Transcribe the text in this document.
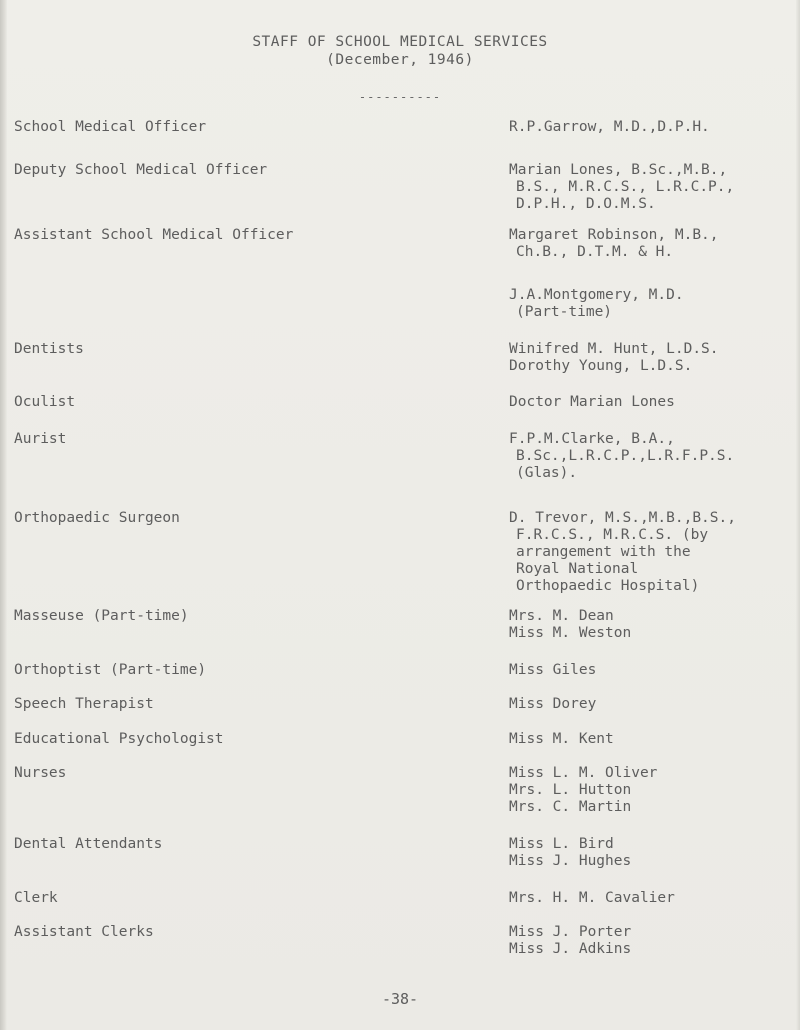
STAFF OF SCHOOL MEDICAL SERVICES
(December, 1946)
----------
School Medical Officer	R.P.Garrow, M.D.,D.P.H.
Deputy School Medical Officer	Marian Lones, B.Sc.,M.B.,
B.S., M.R.C.S., L.R.C.P.,
D.P.H., D.O.M.S.
Assistant School Medical Officer	Margaret Robinson, M.B.,
Ch.B., D.T.M. & H.
J.A.Montgomery, M.D.
(Part-time)
Dentists	Winifred M. Hunt, L.D.S.
Dorothy Young, L.D.S.
Oculist	Doctor Marian Lones
Aurist	F.P.M.Clarke, B.A.,
B.Sc.,L.R.C.P.,L.R.F.P.S.
(Glas).
Orthopaedic Surgeon	D. Trevor, M.S.,M.B.,B.S.,
F.R.C.S., M.R.C.S. (by
arrangement with the
Royal National
Orthopaedic Hospital)
Masseuse (Part-time)	Mrs. M. Dean
Miss M. Weston
Orthoptist (Part-time)	Miss Giles
Speech Therapist	Miss Dorey
Educational Psychologist	Miss M. Kent
Nurses	Miss L. M. Oliver
Mrs. L. Hutton
Mrs. C. Martin
Dental Attendants	Miss L. Bird
Miss J. Hughes
Clerk	Mrs. H. M. Cavalier
Assistant Clerks	Miss J. Porter
Miss J. Adkins
-38-
